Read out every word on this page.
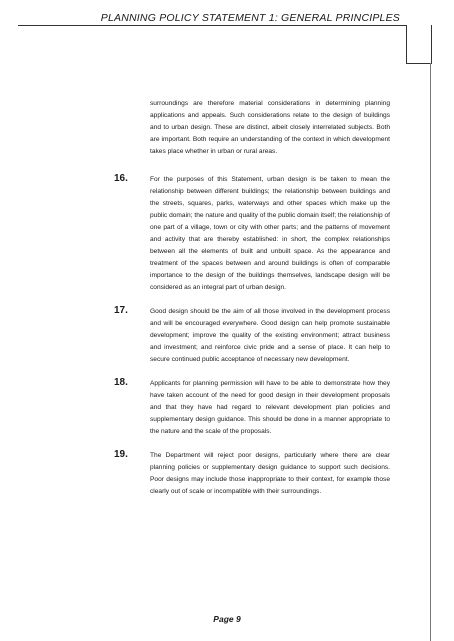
PLANNING POLICY STATEMENT 1: GENERAL PRINCIPLES

surroundings are therefore material considerations in determining planning applications and appeals. Such considerations relate to the design of buildings and to urban design. These are distinct, albeit closely interrelated subjects. Both are important. Both require an understanding of the context in which development takes place whether in urban or rural areas.

16.	For the purposes of this Statement, urban design is be taken to mean the relationship between different buildings; the relationship between buildings and the streets, squares, parks, waterways and other spaces which make up the public domain; the nature and quality of the public domain itself; the relationship of one part of a village, town or city with other parts; and the patterns of movement and activity that are thereby established: in short, the complex relationships between all the elements of built and unbuilt space. As the appearance and treatment of the spaces between and around buildings is often of comparable importance to the design of the buildings themselves, landscape design will be considered as an integral part of urban design.

17.	Good design should be the aim of all those involved in the development process and will be encouraged everywhere. Good design can help promote sustainable development; improve the quality of the existing environment; attract business and investment; and reinforce civic pride and a sense of place. It can help to secure continued public acceptance of necessary new development.

18.	Applicants for planning permission will have to be able to demonstrate how they have taken account of the need for good design in their development proposals and that they have had regard to relevant development plan policies and supplementary design guidance. This should be done in a manner appropriate to the nature and the scale of the proposals.

19.	The Department will reject poor designs, particularly where there are clear planning policies or supplementary design guidance to support such decisions. Poor designs may include those inappropriate to their context, for example those clearly out of scale or incompatible with their surroundings.

Page 9
